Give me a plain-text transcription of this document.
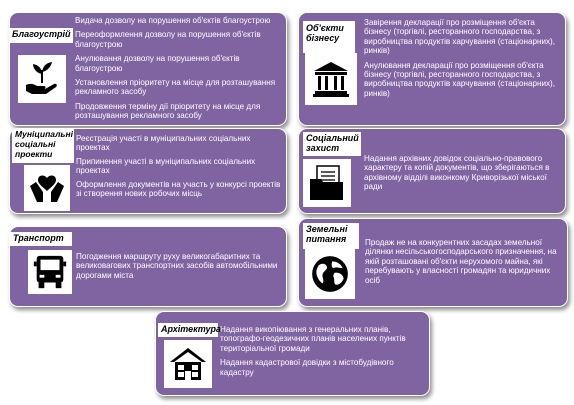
Благоустрій

Видача дозволу на порушення об'єктів благоустрою

Переоформлення дозволу на порушення об'єктів благоустрою

Анулювання дозволу на порушення об'єктів благоустрою

Установлення пріоритету на місце для розташування рекламного засобу

Продовження терміну дії пріоритету на місце для розташування рекламного засобу

Об'єкти бізнесу

Завірення декларації про розміщення об'єкта бізнесу (торгівлі, ресторанного господарства, з виробництва продуктів харчування (стаціонарних), ринків)

Анулювання декларації про розміщення об'єкта бізнесу (торгівлі, ресторанного господарства, з виробництва продуктів харчування (стаціонарних), ринків)

Муніципальні соціальні проекти

Реєстрація участі в муніципальних соціальних проектах

Припинення участі в муніципальних соціальних проектах

Оформлення документів на участь у конкурсі проектів зі створення нових робочих місць

Соціальний захист

Надання архівних довідок соціально-правового характеру та копій документів, що зберігаються в архівному відділі виконкому Криворізької міської ради

Транспорт

Погодження маршруту руху великогабаритних та великовагових транспортних засобів автомобільними дорогами міста

Земельні питання	Продаж не на конкурентних засадах земельної ділянки несільськогосподарського призначення, на якій розташовані об'єкти нерухомого майна, які перебувають у власності громадян та юридичних осіб

Архітектура

Надання викопіювання з генеральних планів, топографо-геодезичних планів населених пунктів територіальної громади

Надання кадастрової довідки з містобудівного кадастру
